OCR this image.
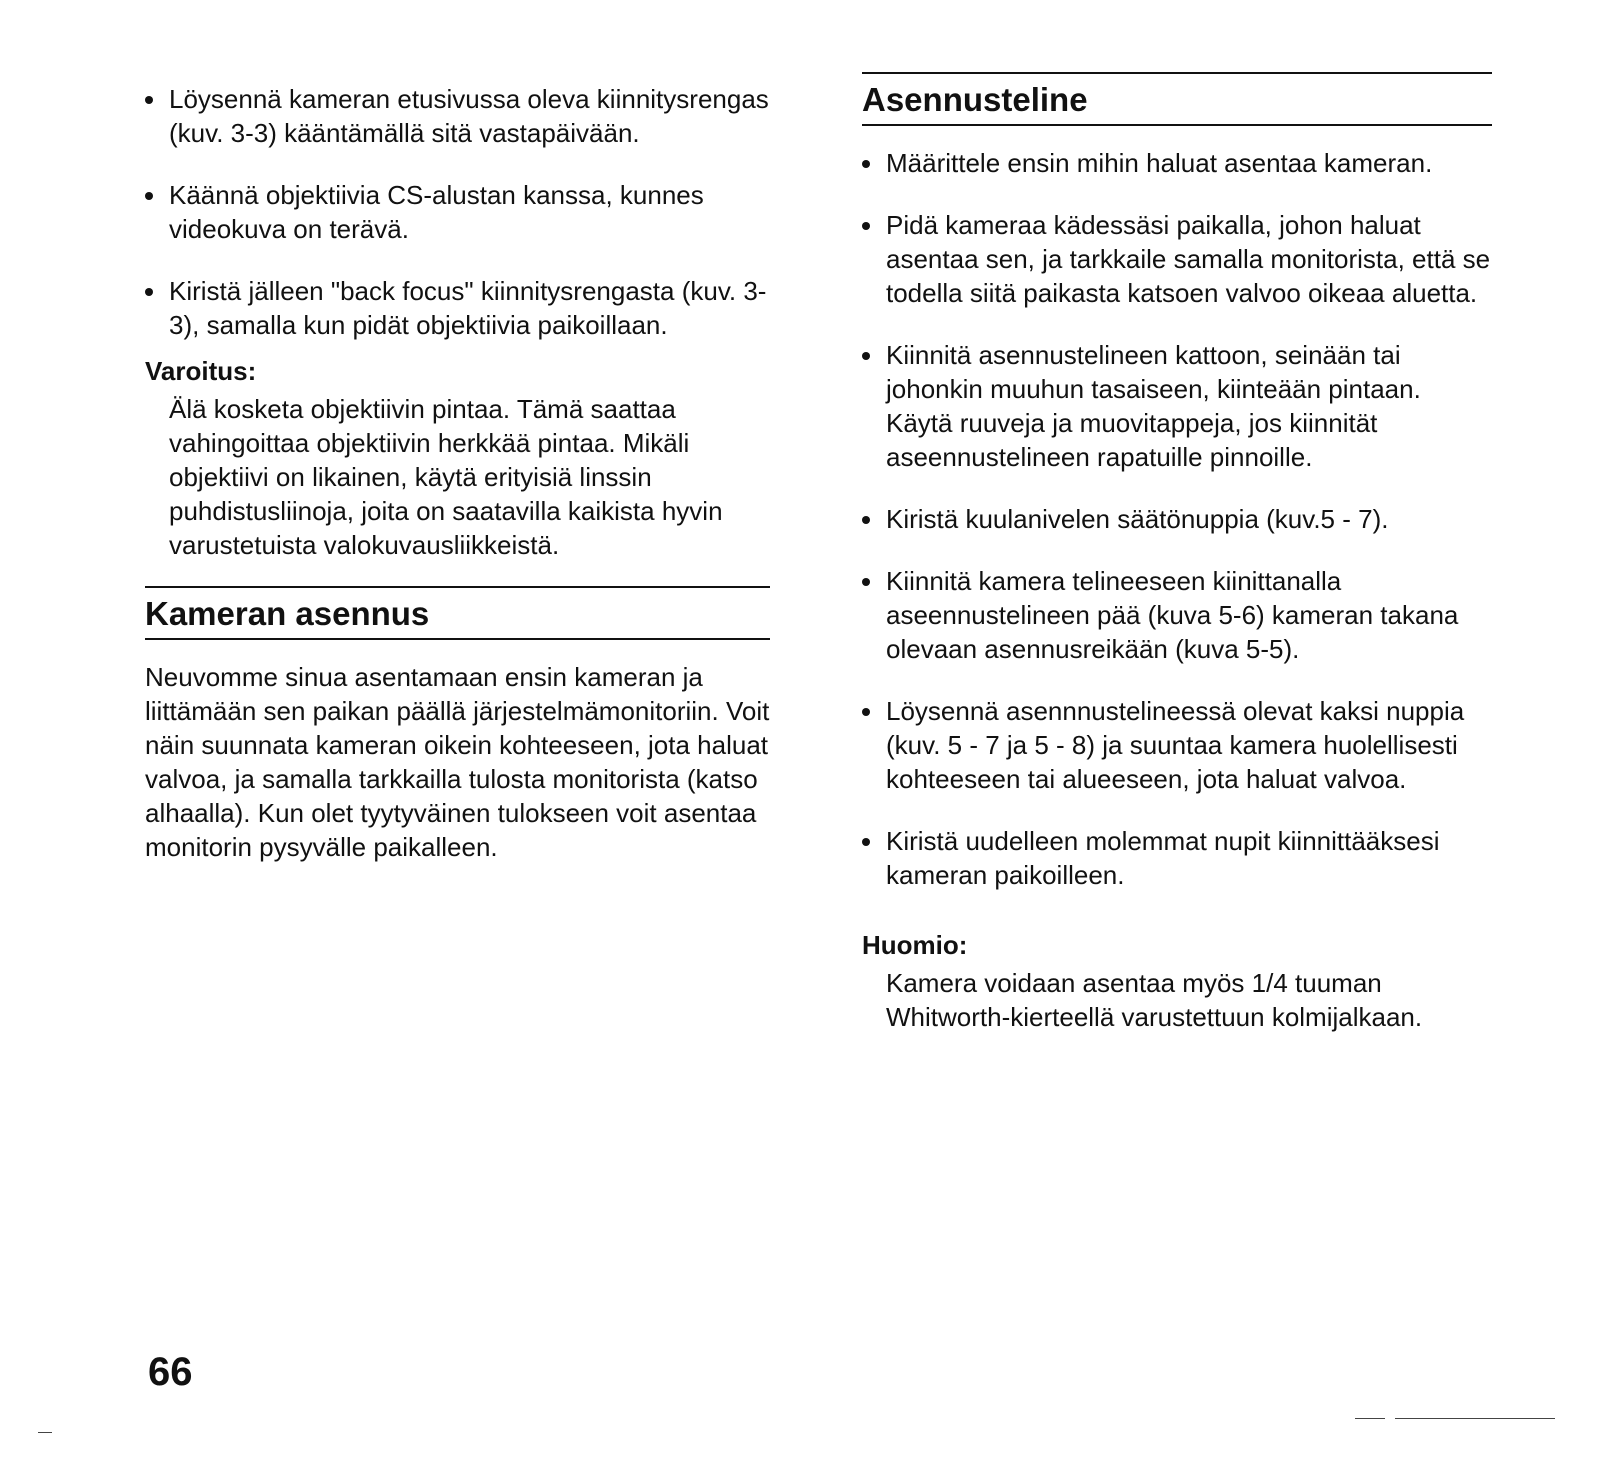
Löysennä kameran etusivussa oleva kiinnitysrengas (kuv. 3-3) kääntämällä sitä vastapäivään.
Käännä objektiivia CS-alustan kanssa, kunnes videokuva on terävä.
Kiristä jälleen "back focus" kiinnitysrengasta (kuv. 3-3), samalla kun pidät objektiivia paikoillaan.

Varoitus:

Älä kosketa objektiivin pintaa. Tämä saattaa vahingoittaa objektiivin herkkää pintaa. Mikäli objektiivi on likainen, käytä erityisiä linssin puhdistusliinoja, joita on saatavilla kaikista hyvin varustetuista valokuvausliikkeistä.

Kameran asennus

Neuvomme sinua asentamaan ensin kameran ja liittämään sen paikan päällä järjestelmämonitoriin. Voit näin suunnata kameran oikein kohteeseen, jota haluat valvoa, ja samalla tarkkailla tulosta monitorista (katso alhaalla). Kun olet tyytyväinen tulokseen voit asentaa monitorin pysyvälle paikalleen.

Asennusteline
Määrittele ensin mihin haluat asentaa kameran.
Pidä kameraa kädessäsi paikalla, johon haluat asentaa sen, ja tarkkaile samalla monitorista, että se todella siitä paikasta katsoen valvoo oikeaa aluetta.
Kiinnitä asennustelineen kattoon, seinään tai johonkin muuhun tasaiseen, kiinteään pintaan. Käytä ruuveja ja muovitappeja, jos kiinnität aseennustelineen rapatuille pinnoille.
Kiristä kuulanivelen säätönuppia (kuv.5 - 7).
Kiinnitä kamera telineeseen kiinittanalla aseennustelineen pää (kuva 5-6) kameran takana olevaan asennusreikään (kuva 5-5).
Löysennä asennnustelineessä olevat kaksi nuppia (kuv. 5 - 7 ja 5 - 8) ja suuntaa kamera huolellisesti kohteeseen tai alueeseen, jota haluat valvoa.
Kiristä uudelleen molemmat nupit kiinnittääksesi kameran paikoilleen.

Huomio:

Kamera voidaan asentaa myös 1/4 tuuman Whitworth-kierteellä varustettuun kolmijalkaan.

66
